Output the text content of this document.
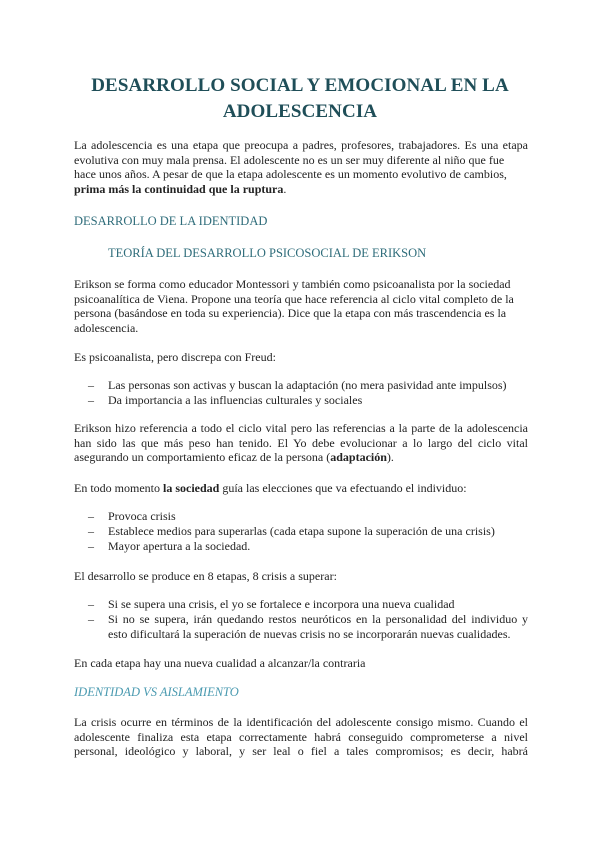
DESARROLLO SOCIAL Y EMOCIONAL EN LA
ADOLESCENCIA
La adolescencia es una etapa que preocupa a padres, profesores, trabajadores. Es una etapa
evolutiva con muy mala prensa. El adolescente no es un ser muy diferente al niño que fue
hace unos años. A pesar de que la etapa adolescente es un momento evolutivo de cambios,
prima más la continuidad que la ruptura.
DESARROLLO DE LA IDENTIDAD
TEORÍA DEL DESARROLLO PSICOSOCIAL DE ERIKSON
Erikson se forma como educador Montessori y también como psicoanalista por la sociedad
psicoanalítica de Viena. Propone una teoría que hace referencia al ciclo vital completo de la
persona (basándose en toda su experiencia). Dice que la etapa con más trascendencia es la
adolescencia.
Es psicoanalista, pero discrepa con Freud:
– Las personas son activas y buscan la adaptación (no mera pasividad ante impulsos)
– Da importancia a las influencias culturales y sociales
Erikson hizo referencia a todo el ciclo vital pero las referencias a la parte de la adolescencia
han sido las que más peso han tenido. El Yo debe evolucionar a lo largo del ciclo vital
asegurando un comportamiento eficaz de la persona (adaptación).
En todo momento la sociedad guía las elecciones que va efectuando el individuo:
– Provoca crisis
– Establece medios para superarlas (cada etapa supone la superación de una crisis)
– Mayor apertura a la sociedad.
El desarrollo se produce en 8 etapas, 8 crisis a superar:
– Si se supera una crisis, el yo se fortalece e incorpora una nueva cualidad
– Si no se supera, irán quedando restos neuróticos en la personalidad del individuo y
esto dificultará la superación de nuevas crisis no se incorporarán nuevas cualidades.
En cada etapa hay una nueva cualidad a alcanzar/la contraria
IDENTIDAD VS AISLAMIENTO
La crisis ocurre en términos de la identificación del adolescente consigo mismo. Cuando el
adolescente finaliza esta etapa correctamente habrá conseguido comprometerse a nivel
personal, ideológico y laboral, y ser leal o fiel a tales compromisos; es decir, habrá
